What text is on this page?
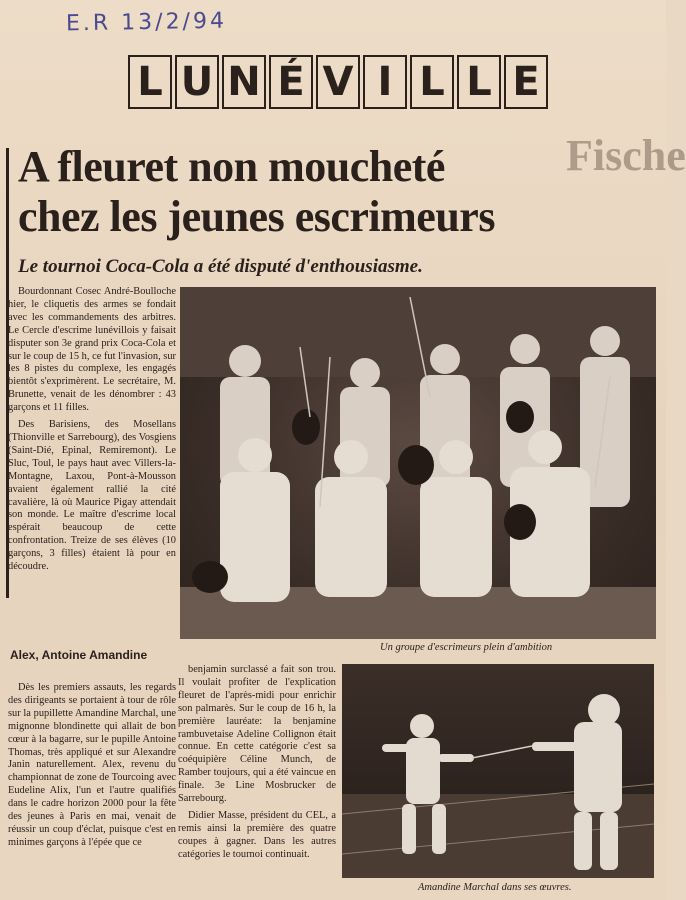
E.R 13/2/94
L U N É V I L L E
Fische
A fleuret non moucheté
chez les jeunes escrimeurs
Le tournoi Coca-Cola a été disputé d'enthousiasme.

Bourdonnant Cosec André-Boulloche hier, le cliquetis des armes se fondait avec les commandements des arbitres. Le Cercle d'escrime lunévillois y faisait disputer son 3e grand prix Coca-Cola et sur le coup de 15 h, ce fut l'invasion, sur les 8 pistes du complexe, les engagés bientôt s'exprimèrent. Le secrétaire, M. Brunette, venait de les dénombrer : 43 garçons et 11 filles.

Des Barisiens, des Mosellans (Thionville et Sarrebourg), des Vosgiens (Saint-Dié, Epinal, Remiremont). Le Sluc, Toul, le pays haut avec Villers-la-Montagne, Laxou, Pont-à-Mousson avaient également rallié la cité cavalière, là où Maurice Pigay attendait son monde. Le maître d'escrime local espérait beaucoup de cette confrontation. Treize de ses élèves (10 garçons, 3 filles) étaient là pour en découdre.

Alex, Antoine Amandine
Dès les premiers assauts, les regards des dirigeants se portaient à tour de rôle sur la pupillette Amandine Marchal, une mignonne blondinette qui allait de bon cœur à la bagarre, sur le pupille Antoine Thomas, très appliqué et sur Alexandre Janin naturellement. Alex, revenu du championnat de zone de Tourcoing avec Eudeline Alix, l'un et l'autre qualifiés dans le cadre horizon 2000 pour la fête des jeunes à Paris en mai, venait de réussir un coup d'éclat, puisque c'est en minimes garçons à l'épée que ce

benjamin surclassé a fait son trou. Il voulait profiter de l'explication fleuret de l'après-midi pour enrichir son palmarès. Sur le coup de 16 h, la première lauréate: la benjamine rambuvetaise Adeline Collignon était connue. En cette catégorie c'est sa coéquipière Céline Munch, de Ramber toujours, qui a été vaincue en finale. 3e Line Mosbrucker de Sarrebourg.

Didier Masse, président du CEL, a remis ainsi la première des quatre coupes à gagner. Dans les autres catégories le tournoi continuait.

Un groupe d'escrimeurs plein d'ambition
Amandine Marchal dans ses œuvres.
